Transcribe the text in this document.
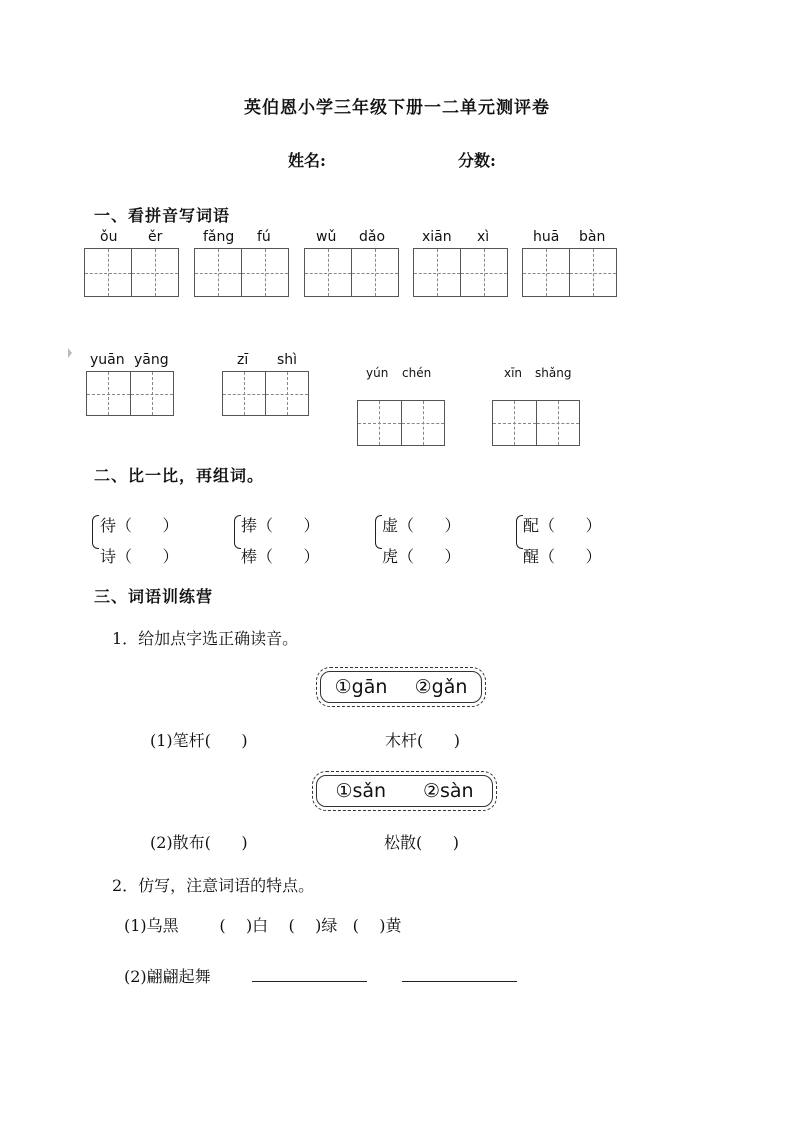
英伯恩小学三年级下册一二单元测评卷
姓名:	分数:
一、看拼音写词语
ǒu ěr	fǎng fú	wǔ dǎo	xiān xì	huā bàn
yuān yāng	zī shì
yún chén	xīn shǎng
二、比一比，再组词。
待（      ）
诗（      ）
捧（      ）
棒（      ）
虚（      ）
虎（      ）
配（      ）
醒（      ）
三、词语训练营
1．给加点字选正确读音。
①gān ②gǎn
(1)笔杆(      )	木杆(      )
①sǎn ②sàn
(2)散布(      )	松散(      )
2．仿写，注意词语的特点。
(1)乌黑        (    )白    (    )绿   (    )黄
(2)翩翩起舞
